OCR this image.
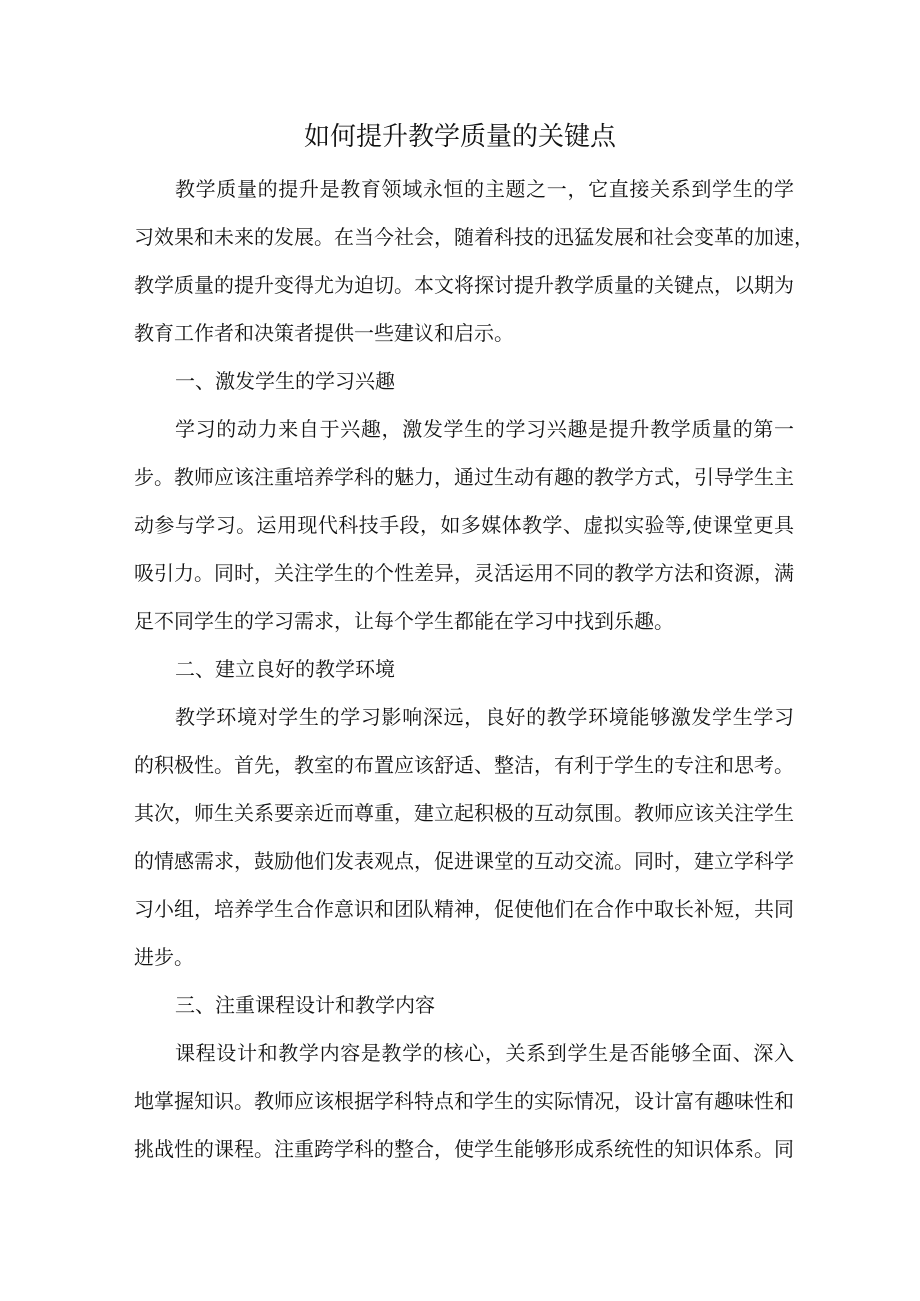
如何提升教学质量的关键点
教学质量的提升是教育领域永恒的主题之一，它直接关系到学生的学
习效果和未来的发展。在当今社会，随着科技的迅猛发展和社会变革的加速，
教学质量的提升变得尤为迫切。本文将探讨提升教学质量的关键点，以期为
教育工作者和决策者提供一些建议和启示。
一、激发学生的学习兴趣
学习的动力来自于兴趣，激发学生的学习兴趣是提升教学质量的第一
步。教师应该注重培养学科的魅力，通过生动有趣的教学方式，引导学生主
动参与学习。运用现代科技手段，如多媒体教学、虚拟实验等,使课堂更具
吸引力。同时，关注学生的个性差异，灵活运用不同的教学方法和资源，满
足不同学生的学习需求，让每个学生都能在学习中找到乐趣。
二、建立良好的教学环境
教学环境对学生的学习影响深远，良好的教学环境能够激发学生学习
的积极性。首先，教室的布置应该舒适、整洁，有利于学生的专注和思考。
其次，师生关系要亲近而尊重，建立起积极的互动氛围。教师应该关注学生
的情感需求，鼓励他们发表观点，促进课堂的互动交流。同时，建立学科学
习小组，培养学生合作意识和团队精神，促使他们在合作中取长补短，共同
进步。
三、注重课程设计和教学内容
课程设计和教学内容是教学的核心，关系到学生是否能够全面、深入
地掌握知识。教师应该根据学科特点和学生的实际情况，设计富有趣味性和
挑战性的课程。注重跨学科的整合，使学生能够形成系统性的知识体系。同
